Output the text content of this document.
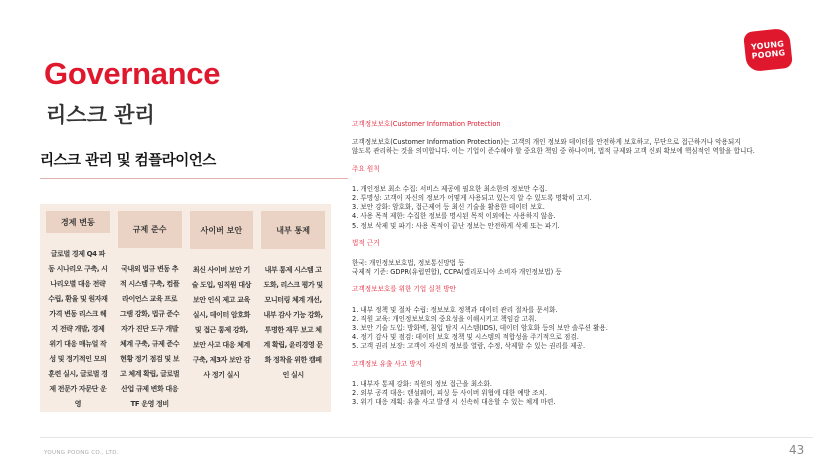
YOUNG
POONG
Governance
리스크 관리
리스크 관리 및 컴플라이언스
경제 변동
글로벌 경제 Q4 파동 시나리오 구축, 시나리오별 대응 전략 수립, 환율 및 원자재 가격 변동 리스크 헤지 전략 개발, 경제 위기 대응 매뉴얼 작성 및 정기적인 모의훈련 실시, 글로벌 경제 전문가 자문단 운영
규제 준수
국내외 법규 변동 추적 시스템 구축, 컴플라이언스 교육 프로그램 강화, 법규 준수 자가 진단 도구 개발 체계 구축, 규제 준수 현황 정기 점검 및 보고 체계 확립, 글로벌 산업 규제 변화 대응 TF 운영 정비
사이버 보안
최신 사이버 보안 기술 도입, 임직원 대상 보안 인식 제고 교육 실시, 데이터 암호화 및 접근 통제 강화, 보안 사고 대응 체계 구축, 제3자 보안 감사 정기 실시
내부 통제
내부 통제 시스템 고도화, 리스크 평가 및 모니터링 체계 개선, 내부 감사 기능 강화, 투명한 재무 보고 체계 확립, 윤리경영 문화 정착을 위한 캠페인 실시
고객정보보호(Customer Information Protection
고객정보보호(Customer Information Protection)는 고객의 개인 정보와 데이터를 안전하게 보호하고, 무단으로 접근하거나 악용되지
않도록 관리하는 것을 의미합니다. 이는 기업이 준수해야 할 중요한 책임 중 하나이며, 법적 규제와 고객 신뢰 확보에 핵심적인 역할을 합니다.
주요 원칙
1. 개인정보 최소 수집: 서비스 제공에 필요한 최소한의 정보만 수집.
2. 투명성: 고객이 자신의 정보가 어떻게 사용되고 있는지 알 수 있도록 명확히 고지.
3. 보안 강화: 암호화, 접근제어 등 최신 기술을 활용한 데이터 보호.
4. 사용 목적 제한: 수집한 정보를 명시된 목적 이외에는 사용하지 않음.
5. 정보 삭제 및 파기: 사용 목적이 끝난 정보는 안전하게 삭제 또는 파기.
법적 근거
한국: 개인정보보호법, 정보통신망법 등
국제적 기준: GDPR(유럽연합), CCPA(캘리포니아 소비자 개인정보법) 등
고객정보보호를 위한 기업 실천 방안
1. 내부 정책 및 절차 수립: 정보보호 정책과 데이터 관리 절차를 문서화.
2. 직원 교육: 개인정보보호의 중요성을 이해시키고 책임감 고취.
3. 보안 기술 도입: 방화벽, 침입 탐지 시스템(IDS), 데이터 암호화 등의 보안 솔루션 활용.
4. 정기 감사 및 점검: 데이터 보호 정책 및 시스템의 적합성을 주기적으로 점검.
5. 고객 권리 보장: 고객이 자신의 정보를 열람, 수정, 삭제할 수 있는 권리를 제공.
고객정보 유출 사고 방지
1. 내부자 통제 강화: 직원의 정보 접근을 최소화.
2. 외부 공격 대응: 랜섬웨어, 피싱 등 사이버 위협에 대한 예방 조치.
3. 위기 대응 계획: 유출 사고 발생 시 신속히 대응할 수 있는 체계 마련.
YOUNG POONG CO., LTD.	43
